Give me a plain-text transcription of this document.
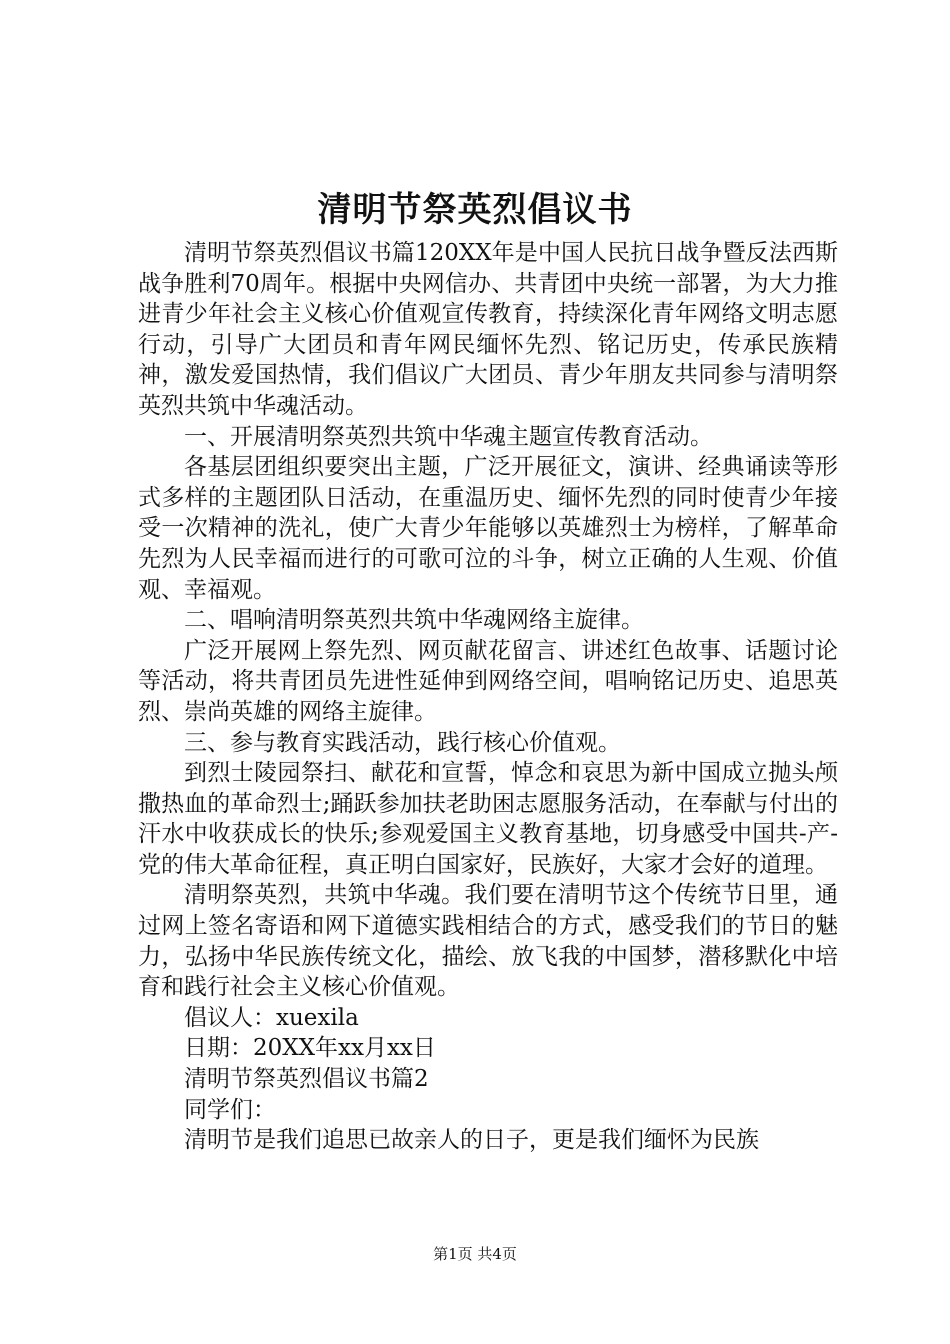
清明节祭英烈倡议书

清明节祭英烈倡议书篇120XX年是中国人民抗日战争暨反法西斯战争胜利70周年。根据中央网信办、共青团中央统一部署，为大力推进青少年社会主义核心价值观宣传教育，持续深化青年网络文明志愿行动，引导广大团员和青年网民缅怀先烈、铭记历史，传承民族精神，激发爱国热情，我们倡议广大团员、青少年朋友共同参与清明祭英烈共筑中华魂活动。

一、开展清明祭英烈共筑中华魂主题宣传教育活动。

各基层团组织要突出主题，广泛开展征文，演讲、经典诵读等形式多样的主题团队日活动，在重温历史、缅怀先烈的同时使青少年接受一次精神的洗礼，使广大青少年能够以英雄烈士为榜样，了解革命先烈为人民幸福而进行的可歌可泣的斗争，树立正确的人生观、价值观、幸福观。

二、唱响清明祭英烈共筑中华魂网络主旋律。

广泛开展网上祭先烈、网页献花留言、讲述红色故事、话题讨论等活动，将共青团员先进性延伸到网络空间，唱响铭记历史、追思英烈、崇尚英雄的网络主旋律。

三、参与教育实践活动，践行核心价值观。

到烈士陵园祭扫、献花和宣誓，悼念和哀思为新中国成立抛头颅撒热血的革命烈士;踊跃参加扶老助困志愿服务活动，在奉献与付出的汗水中收获成长的快乐;参观爱国主义教育基地，切身感受中国共-产-党的伟大革命征程，真正明白国家好，民族好，大家才会好的道理。

清明祭英烈，共筑中华魂。我们要在清明节这个传统节日里，通过网上签名寄语和网下道德实践相结合的方式，感受我们的节日的魅力，弘扬中华民族传统文化，描绘、放飞我的中国梦，潜移默化中培育和践行社会主义核心价值观。

倡议人：xuexila

日期：20XX年xx月xx日

清明节祭英烈倡议书篇2

同学们：

清明节是我们追思已故亲人的日子，更是我们缅怀为民族

第1页 共4页
